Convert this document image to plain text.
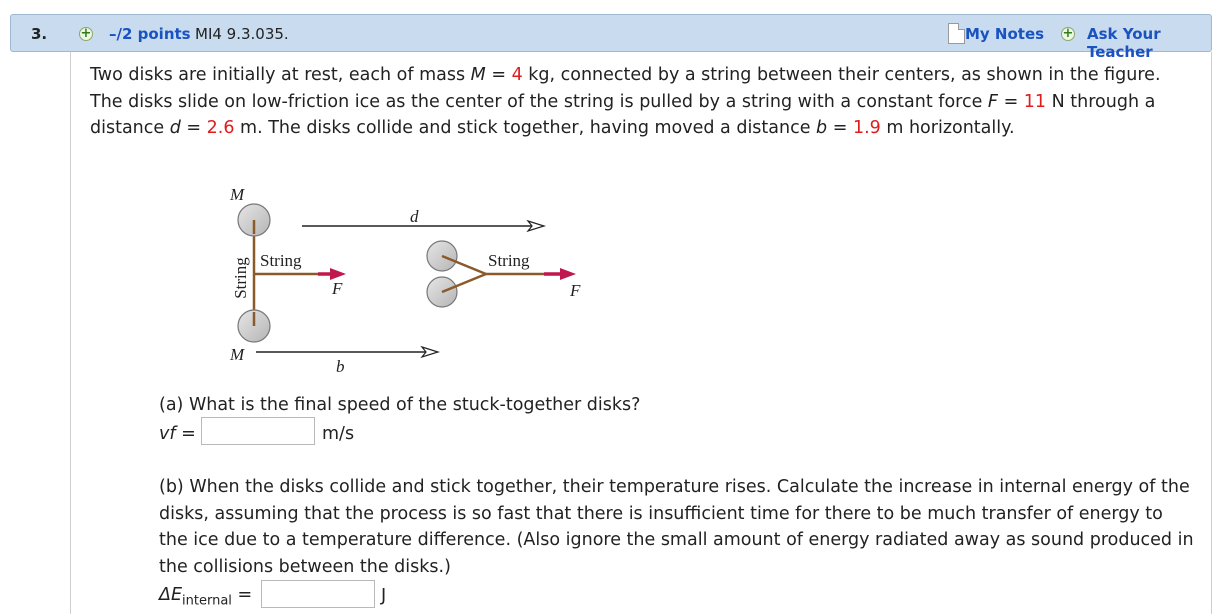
3.	+ –/2 points MI4 9.3.035.	My Notes + Ask Your Teacher
Two disks are initially at rest, each of mass M = 4 kg, connected by a string between their centers, as shown in the figure.
The disks slide on low-friction ice as the center of the string is pulled by a string with a constant force F = 11 N through a
distance d = 2.6 m. The disks collide and stick together, having moved a distance b = 1.9 m horizontally.
M
M
d
b
String	String
F	F
String
(a) What is the final speed of the stuck-together disks?
vf =	m/s
(b) When the disks collide and stick together, their temperature rises. Calculate the increase in internal energy of the
disks, assuming that the process is so fast that there is insufficient time for there to be much transfer of energy to
the ice due to a temperature difference. (Also ignore the small amount of energy radiated away as sound produced in
the collisions between the disks.)
$\Delta E_{internal}$ =	J
